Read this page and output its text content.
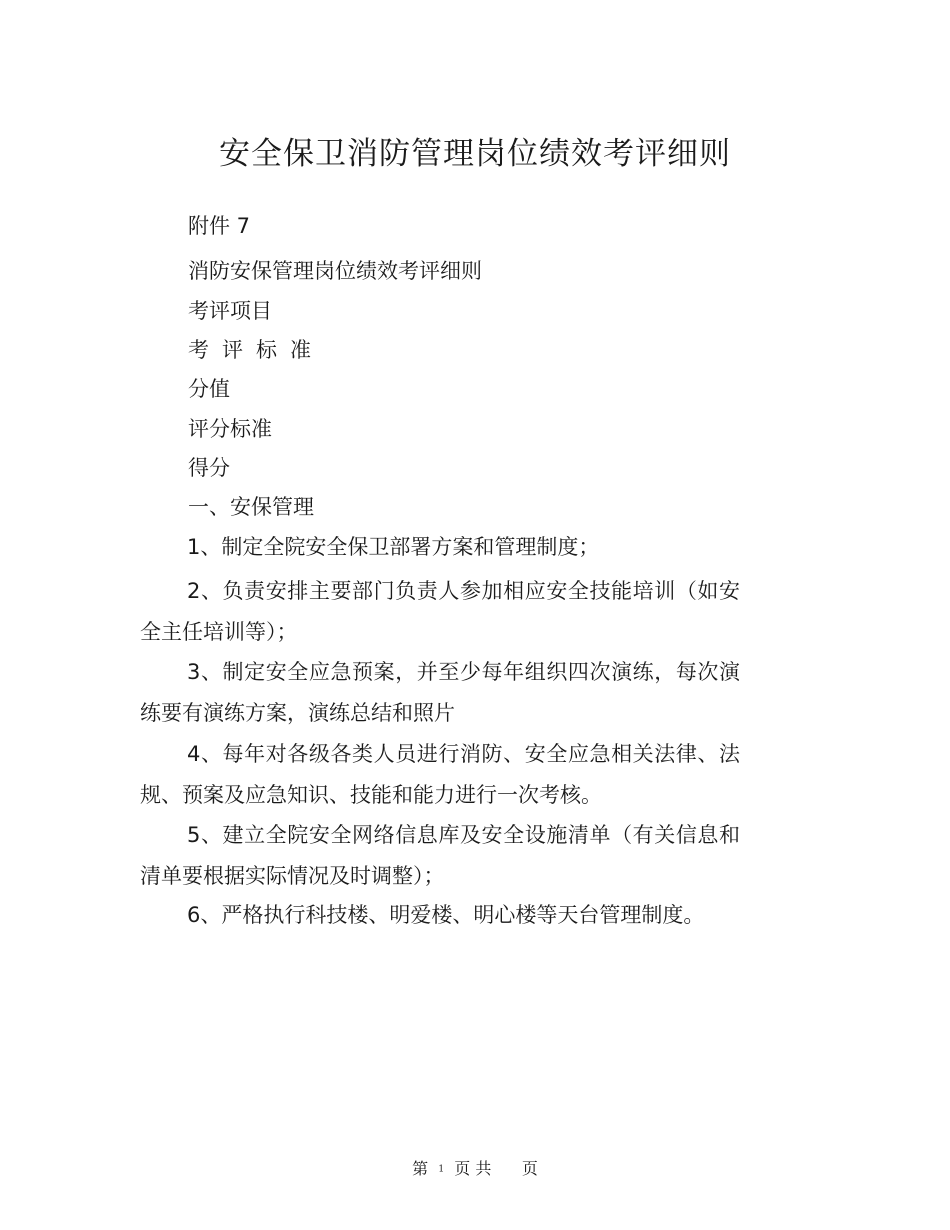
安全保卫消防管理岗位绩效考评细则
附件 7
消防安保管理岗位绩效考评细则
考评项目
考评标准
分值
评分标准
得分
一、安保管理
1、制定全院安全保卫部署方案和管理制度；
2、负责安排主要部门负责人参加相应安全技能培训（如安全主任培训等）；
3、制定安全应急预案，并至少每年组织四次演练，每次演练要有演练方案，演练总结和照片
4、每年对各级各类人员进行消防、安全应急相关法律、法规、预案及应急知识、技能和能力进行一次考核。
5、建立全院安全网络信息库及安全设施清单（有关信息和清单要根据实际情况及时调整）；
6、严格执行科技楼、明爱楼、明心楼等天台管理制度。
第 1 页 共 页
